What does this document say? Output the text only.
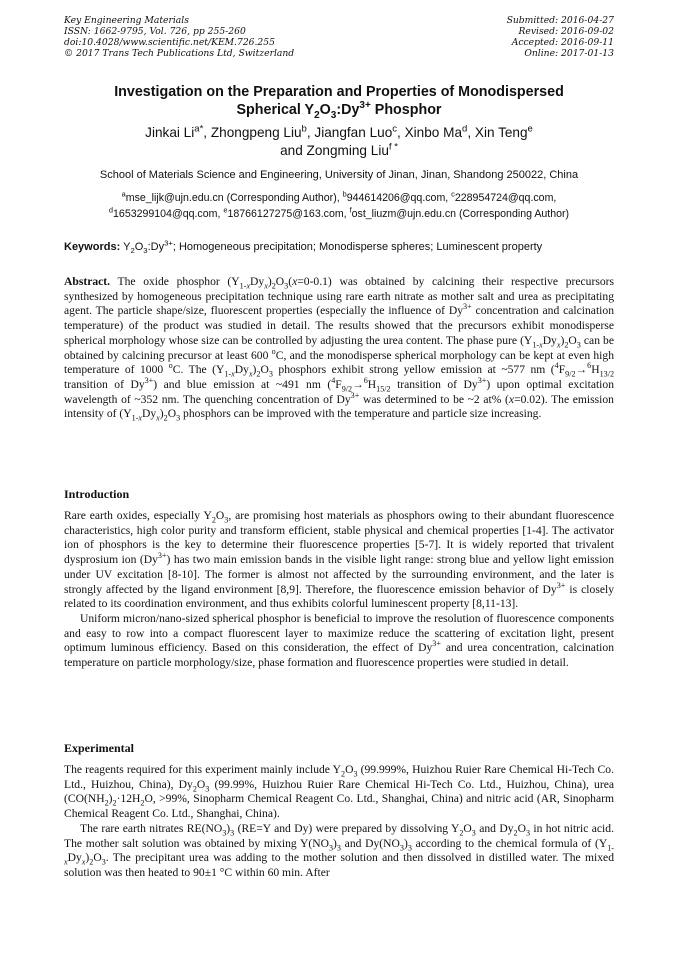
Key Engineering Materials
ISSN: 1662-9795, Vol. 726, pp 255-260
doi:10.4028/www.scientific.net/KEM.726.255
© 2017 Trans Tech Publications Ltd, Switzerland
Submitted: 2016-04-27
Revised: 2016-09-02
Accepted: 2016-09-11
Online: 2017-01-13
Investigation on the Preparation and Properties of Monodispersed
Spherical $Y_2O_3:Dy^{3+}$ Phosphor
Jinkai $Li^{a*}$, Zhongpeng Liu$^b$, Jiangfan Luo$^c$, Xinbo Ma$^d$, Xin Teng$^e$
and Zongming Liu$^{f *}$
School of Materials Science and Engineering, University of Jinan, Jinan, Shandong 250022, China
$^a$mse_lijk@ujn.edu.cn (Corresponding Author), $^b$944614206@qq.com, $^c$228954724@qq.com,
$^d$1653299104@qq.com, $^e$18766127275@163.com, $^f$ost_liuzm@ujn.edu.cn (Corresponding Author)
Keywords: $Y_2O_3:Dy^{3+}$; Homogeneous precipitation; Monodisperse spheres; Luminescent property
Abstract. The oxide phosphor $(Y_{1-x}Dy_x)_2O_3(x=0-0.1)$ was obtained by calcining their respective precursors synthesized by homogeneous precipitation technique using rare earth nitrate as mother salt and urea as precipitating agent. The particle shape/size, fluorescent properties (especially the influence of $Dy^{3+}$ concentration and calcination temperature) of the product was studied in detail. The results showed that the precursors exhibit monodisperse spherical morphology whose size can be controlled by adjusting the urea content. The phase pure $(Y_{1-x}Dy_x)_2O_3$ can be obtained by calcining precursor at least 600 $^o$C, and the monodisperse spherical morphology can be kept at even high temperature of 1000 $^o$C. The $(Y_{1-x}Dy_x)_2O_3$ phosphors exhibit strong yellow emission at ~577 nm ($^4F_{9/2}\to^6H_{13/2}$ transition of $Dy^{3+}$) and blue emission at ~491 nm ($^4F_{9/2}\to^6H_{15/2}$ transition of $Dy^{3+}$) upon optimal excitation wavelength of ~352 nm. The quenching concentration of $Dy^{3+}$ was determined to be ~2 at% (x=0.02). The emission intensity of $(Y_{1-x}Dy_x)_2O_3$ phosphors can be improved with the temperature and particle size increasing.
Introduction

Rare earth oxides, especially $Y_2O_3$, are promising host materials as phosphors owing to their abundant fluorescence characteristics, high color purity and transform efficient, stable physical and chemical properties [1-4]. The activator ion of phosphors is the key to determine their fluorescence properties [5-7]. It is widely reported that trivalent dysprosium ion $(Dy^{3+})$ has two main emission bands in the visible light range: strong blue and yellow light emission under UV excitation [8-10]. The former is almost not affected by the surrounding environment, and the later is strongly affected by the ligand environment [8,9]. Therefore, the fluorescence emission behavior of $Dy^{3+}$ is closely related to its coordination environment, and thus exhibits colorful luminescent property [8,11-13].

Uniform micron/nano-sized spherical phosphor is beneficial to improve the resolution of fluorescence components and easy to row into a compact fluorescent layer to maximize reduce the scattering of excitation light, present optimum luminous efficiency. Based on this consideration, the effect of $Dy^{3+}$ and urea concentration, calcination temperature on particle morphology/size, phase formation and fluorescence properties were studied in detail.

Experimental

The reagents required for this experiment mainly include $Y_2O_3$ (99.999%, Huizhou Ruier Rare Chemical Hi-Tech Co. Ltd., Huizhou, China), $Dy_2O_3$ (99.99%, Huizhou Ruier Rare Chemical Hi-Tech Co. Ltd., Huizhou, China), urea ($CO(NH_2)_2\cdot 12H_2O$, >99%, Sinopharm Chemical Reagent Co. Ltd., Shanghai, China) and nitric acid (AR, Sinopharm Chemical Reagent Co. Ltd., Shanghai, China).

The rare earth nitrates $RE(NO_3)_3$ (RE=Y and Dy) were prepared by dissolving $Y_2O_3$ and $Dy_2O_3$ in hot nitric acid. The mother salt solution was obtained by mixing $Y(NO_3)_3$ and $Dy(NO_3)_3$ according to the chemical formula of $(Y_{1-x}Dy_x)_2O_3$. The precipitant urea was adding to the mother solution and then dissolved in distilled water. The mixed solution was then heated to 90±1 °C within 60 min. After
